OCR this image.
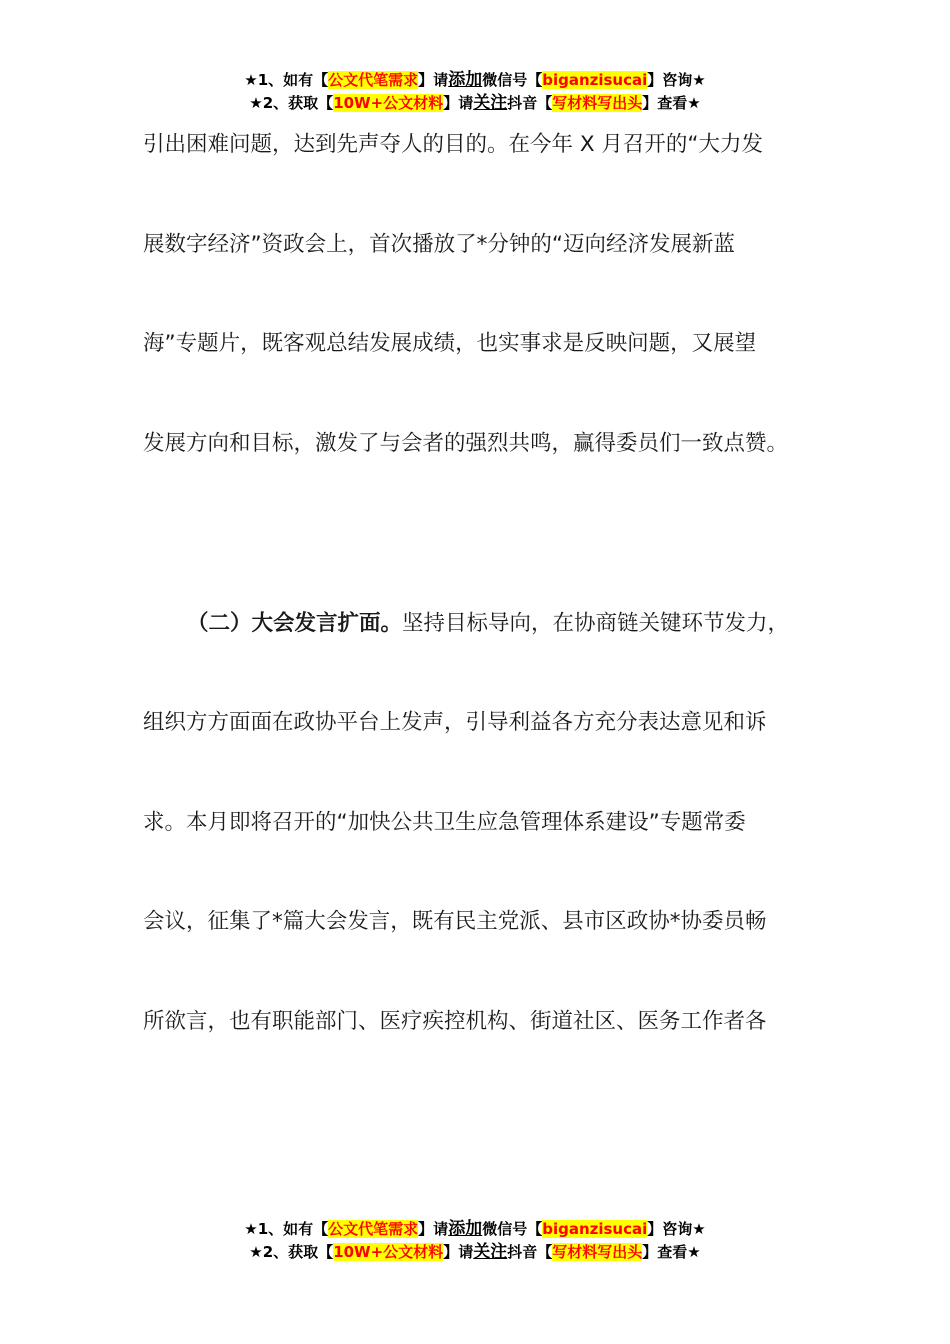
★1、如有【公文代笔需求】请添加微信号【biganzisucai】咨询★
★2、获取【10W+公文材料】请关注抖音【写材料写出头】查看★
引出困难问题，达到先声夺人的目的。在今年 X 月召开的“大力发
展数字经济”资政会上，首次播放了*分钟的“迈向经济发展新蓝
海”专题片，既客观总结发展成绩，也实事求是反映问题，又展望
发展方向和目标，激发了与会者的强烈共鸣，赢得委员们一致点赞。
（二）大会发言扩面。坚持目标导向，在协商链关键环节发力，
组织方方面面在政协平台上发声，引导利益各方充分表达意见和诉
求。本月即将召开的“加快公共卫生应急管理体系建设”专题常委
会议，征集了*篇大会发言，既有民主党派、县市区政协*协委员畅
所欲言，也有职能部门、医疗疾控机构、街道社区、医务工作者各
★1、如有【公文代笔需求】请添加微信号【biganzisucai】咨询★
★2、获取【10W+公文材料】请关注抖音【写材料写出头】查看★
